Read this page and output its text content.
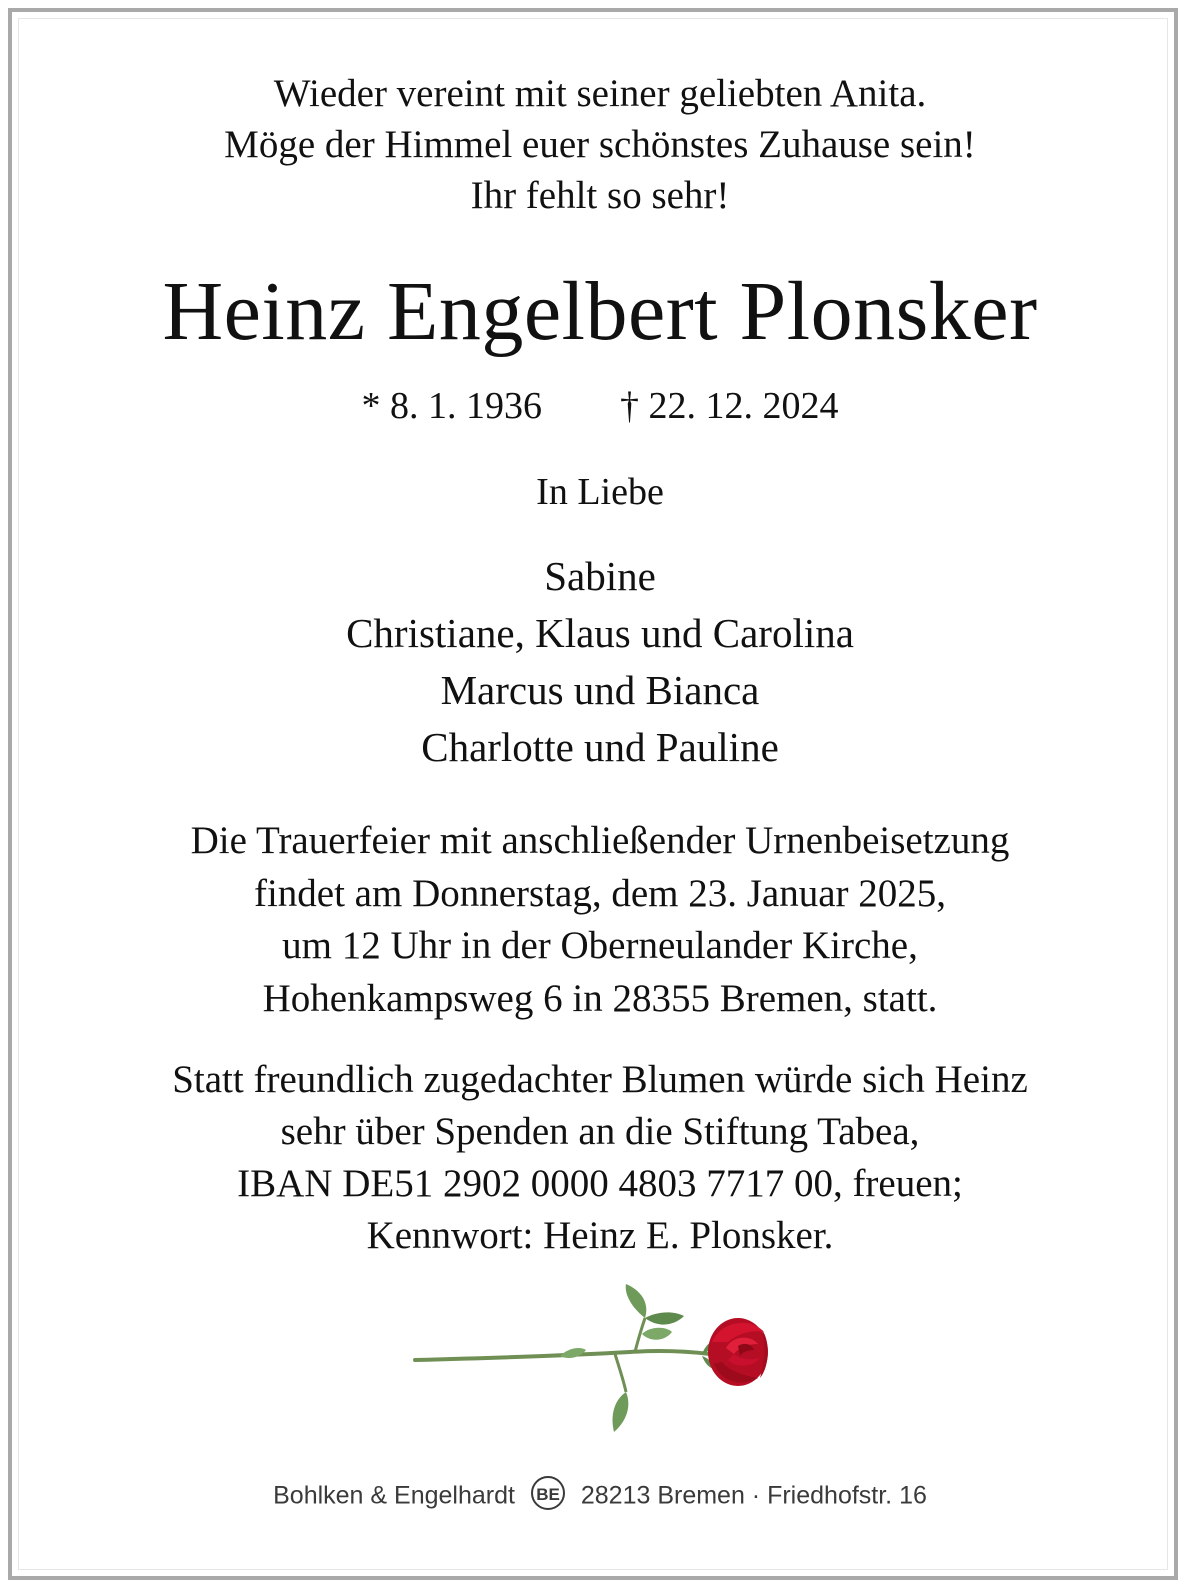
Wieder vereint mit seiner geliebten Anita.
Möge der Himmel euer schönstes Zuhause sein!
Ihr fehlt so sehr!
Heinz Engelbert Plonsker
* 8. 1. 1936 † 22. 12. 2024
In Liebe
Sabine
Christiane, Klaus und Carolina
Marcus und Bianca
Charlotte und Pauline
Die Trauerfeier mit anschließender Urnenbeisetzung
findet am Donnerstag, dem 23. Januar 2025,
um 12 Uhr in der Oberneulander Kirche,
Hohenkampsweg 6 in 28355 Bremen, statt.
Statt freundlich zugedachter Blumen würde sich Heinz
sehr über Spenden an die Stiftung Tabea,
IBAN DE51 2902 0000 4803 7717 00, freuen;
Kennwort: Heinz E. Plonsker.
Bohlken & Engelhardt BE 28213 Bremen · Friedhofstr. 16
